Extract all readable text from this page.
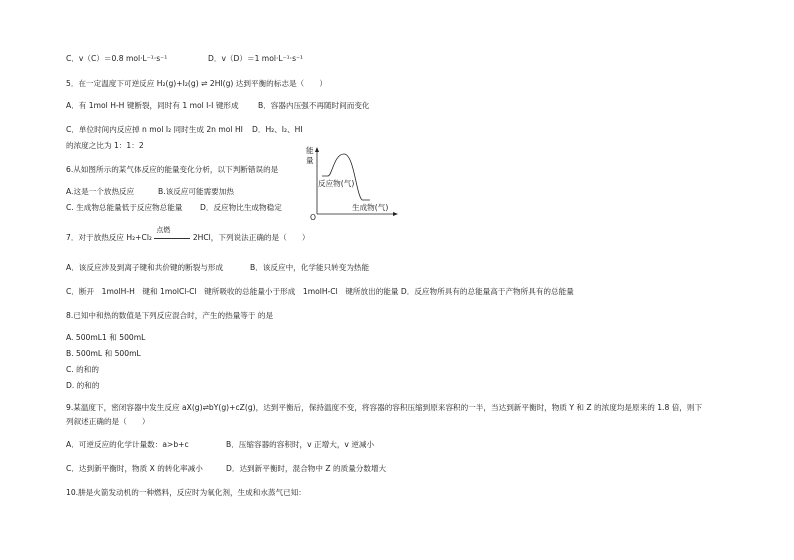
C．v（C）＝0.8 mol·L⁻¹·s⁻¹	D．v（D）＝1 mol·L⁻¹·s⁻¹
5．在一定温度下可逆反应 H₂(g)+I₂(g) ⇌ 2HI(g) 达到平衡的标志是（　　）
A．有 1mol H-H 键断裂，同时有 1 mol I-I 键形成	B．容器内压强不再随时间而变化
C．单位时间内反应掉 n mol I₂ 同时生成 2n mol HI D．H₂、I₂、HI
的浓度之比为 1：1：2
6.从如图所示的某气体反应的能量变化分析，以下判断错误的是
A.这是一个放热反应	B.该反应可能需要加热
C. 生成物总能量低于反应物总能量 D．反应物比生成物稳定
能
量
O
反应物(气)
生成物(气)
7．对于放热反应 H₂+Cl₂
点燃
2HCl，下列说法正确的是（　　）
A．该反应涉及到离子键和共价键的断裂与形成	B．该反应中，化学能只转变为热能
C．断开　1molH-H　键和 1molCl-Cl　键所吸收的总能量小于形成　1molH-Cl　键所放出的能量 D．反应物所具有的总能量高于产物所具有的总能量
8.已知中和热的数值是下列反应混合时，产生的热量等于 的是
A. 500mL1 和 500mL
B. 500mL 和 500mL
C. 的和的
D. 的和的
9.某温度下，密闭容器中发生反应 aX(g)⇌bY(g)+cZ(g)，达到平衡后，保持温度不变，将容器的容积压缩到原来容积的一半，当达到新平衡时，物质 Y 和 Z 的浓度均是原来的 1.8 倍，则下
列叙述正确的是（　　）
A．可逆反应的化学计量数：a>b+c	B．压缩容器的容积时，v 正增大，v 逆减小
C．达到新平衡时，物质 X 的转化率减小	D．达到新平衡时，混合物中 Z 的质量分数增大
10.肼是火箭发动机的一种燃料，反应时为氧化剂，生成和水蒸气已知：
